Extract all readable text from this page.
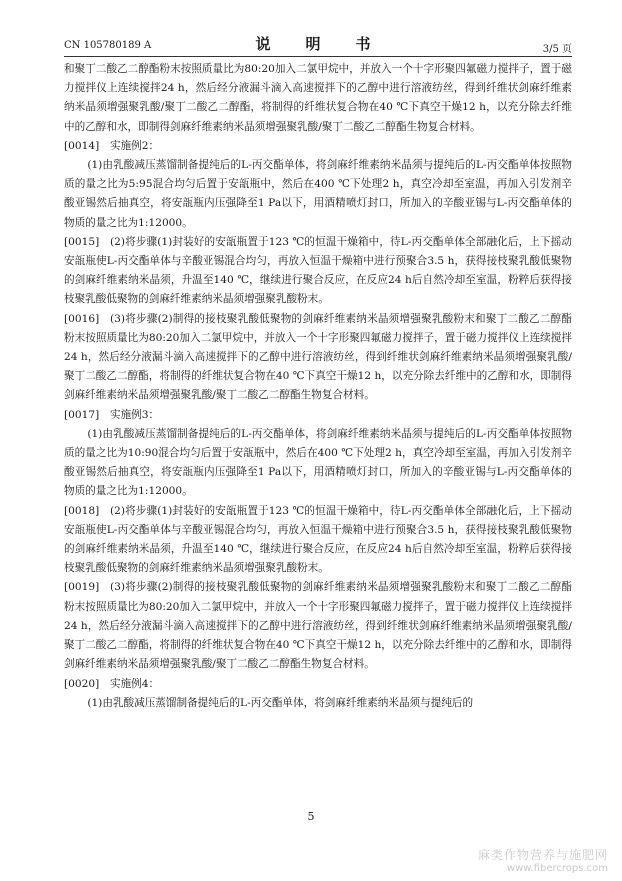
CN 105780189 A	说　明　书	3/5 页

和聚丁二酸乙二醇酯粉末按照质量比为80:20加入二氯甲烷中，并放入一个十字形聚四氟磁力搅拌子，置于磁力搅拌仪上连续搅拌24 h，然后经分液漏斗滴入高速搅拌下的乙醇中进行溶液纺丝，得到纤维状剑麻纤维素纳米晶须增强聚乳酸/聚丁二酸乙二醇酯，将制得的纤维状复合物在40 ℃下真空干燥12 h，以充分除去纤维中的乙醇和水，即制得剑麻纤维素纳米晶须增强聚乳酸/聚丁二酸乙二醇酯生物复合材料。

[0014] 实施例2：

(1)由乳酸减压蒸馏制备提纯后的L-丙交酯单体，将剑麻纤维素纳米晶须与提纯后的L-丙交酯单体按照物质的量之比为5:95混合均匀后置于安瓿瓶中，然后在400 ℃下处理2 h，真空冷却至室温，再加入引发剂辛酸亚锡然后抽真空，将安瓿瓶内压强降至1 Pa以下，用酒精喷灯封口，所加入的辛酸亚锡与L-丙交酯单体的物质的量之比为1:12000。

[0015] (2)将步骤(1)封装好的安瓿瓶置于123 ℃的恒温干燥箱中，待L-丙交酯单体全部融化后，上下摇动安瓿瓶使L-丙交酯单体与辛酸亚锡混合均匀，再放入恒温干燥箱中进行预聚合3.5 h，获得接枝聚乳酸低聚物的剑麻纤维素纳米晶须，升温至140 ℃，继续进行聚合反应，在反应24 h后自然冷却至室温，粉粹后获得接枝聚乳酸低聚物的剑麻纤维素纳米晶须增强聚乳酸粉末。

[0016] (3)将步骤(2)制得的接枝聚乳酸低聚物的剑麻纤维素纳米晶须增强聚乳酸粉末和聚丁二酸乙二醇酯粉末按照质量比为80:20加入二氯甲烷中，并放入一个十字形聚四氟磁力搅拌子，置于磁力搅拌仪上连续搅拌24 h，然后经分液漏斗滴入高速搅拌下的乙醇中进行溶液纺丝，得到纤维状剑麻纤维素纳米晶须增强聚乳酸/聚丁二酸乙二醇酯，将制得的纤维状复合物在40 ℃下真空干燥12 h，以充分除去纤维中的乙醇和水，即制得剑麻纤维素纳米晶须增强聚乳酸/聚丁二酸乙二醇酯生物复合材料。

[0017] 实施例3：

(1)由乳酸减压蒸馏制备提纯后的L-丙交酯单体，将剑麻纤维素纳米晶须与提纯后的L-丙交酯单体按照物质的量之比为10:90混合均匀后置于安瓿瓶中，然后在400 ℃下处理2 h，真空冷却至室温，再加入引发剂辛酸亚锡然后抽真空，将安瓿瓶内压强降至1 Pa以下，用酒精喷灯封口，所加入的辛酸亚锡与L-丙交酯单体的物质的量之比为1:12000。

[0018] (2)将步骤(1)封装好的安瓿瓶置于123 ℃的恒温干燥箱中，待L-丙交酯单体全部融化后，上下摇动安瓿瓶使L-丙交酯单体与辛酸亚锡混合均匀，再放入恒温干燥箱中进行预聚合3.5 h，获得接枝聚乳酸低聚物的剑麻纤维素纳米晶须，升温至140 ℃，继续进行聚合反应，在反应24 h后自然冷却至室温，粉粹后获得接枝聚乳酸低聚物的剑麻纤维素纳米晶须增强聚乳酸粉末。

[0019] (3)将步骤(2)制得的接枝聚乳酸低聚物的剑麻纤维素纳米晶须增强聚乳酸粉末和聚丁二酸乙二醇酯粉末按照质量比为80:20加入二氯甲烷中，并放入一个十字形聚四氟磁力搅拌子，置于磁力搅拌仪上连续搅拌24 h，然后经分液漏斗滴入高速搅拌下的乙醇中进行溶液纺丝，得到纤维状剑麻纤维素纳米晶须增强聚乳酸/聚丁二酸乙二醇酯，将制得的纤维状复合物在40 ℃下真空干燥12 h，以充分除去纤维中的乙醇和水，即制得剑麻纤维素纳米晶须增强聚乳酸/聚丁二酸乙二醇酯生物复合材料。

[0020] 实施例4：

(1)由乳酸减压蒸馏制备提纯后的L-丙交酯单体，将剑麻纤维素纳米晶须与提纯后的

5
麻类作物营养与施肥网
www.fibercrops.com
